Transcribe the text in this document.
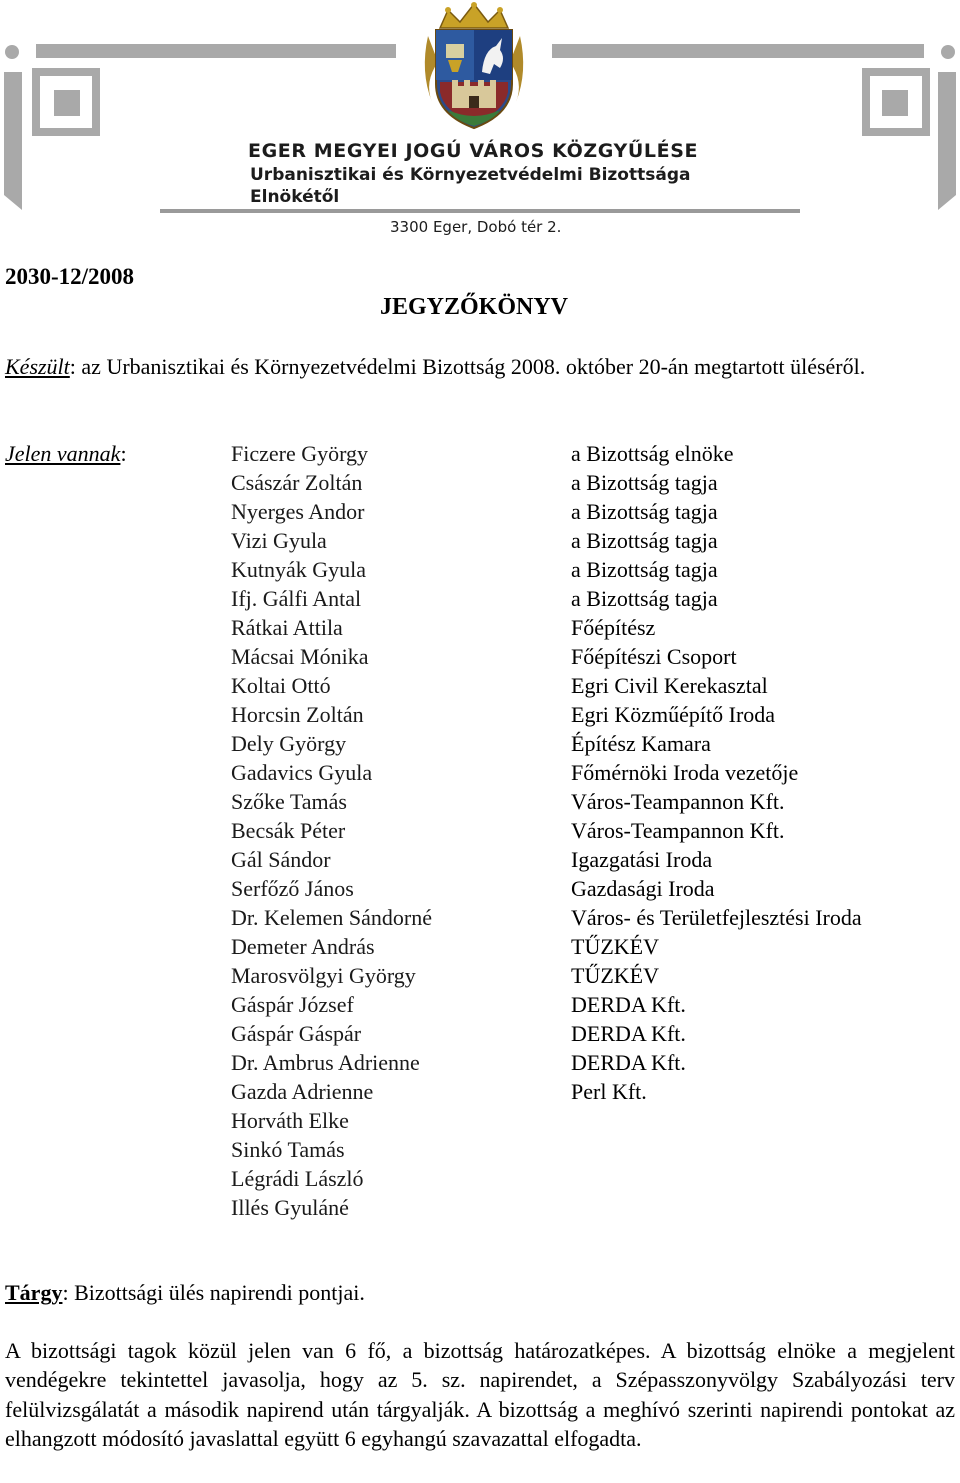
EGER MEGYEI JOGÚ VÁROS KÖZGYŰLÉSE
Urbanisztikai és Környezetvédelmi Bizottsága
Elnökétől
3300 Eger, Dobó tér 2.
2030-12/2008
JEGYZŐKÖNYV
Készült: az Urbanisztikai és Környezetvédelmi Bizottság 2008. október 20-án megtartott üléséről.
Jelen vannak:	Ficzere György
Császár Zoltán
Nyerges Andor
Vizi Gyula
Kutnyák Gyula
Ifj. Gálfi Antal
Rátkai Attila
Mácsai Mónika
Koltai Ottó
Horcsin Zoltán
Dely György
Gadavics Gyula
Szőke Tamás
Becsák Péter
Gál Sándor
Serfőző János
Dr. Kelemen Sándorné
Demeter András
Marosvölgyi György
Gáspár József
Gáspár Gáspár
Dr. Ambrus Adrienne
Gazda Adrienne
Horváth Elke
Sinkó Tamás
Légrádi László
Illés Gyuláné
a Bizottság elnöke
a Bizottság tagja
a Bizottság tagja
a Bizottság tagja
a Bizottság tagja
a Bizottság tagja
Főépítész
Főépítészi Csoport
Egri Civil Kerekasztal
Egri Közműépítő Iroda
Építész Kamara
Főmérnöki Iroda vezetője
Város-Teampannon Kft.
Város-Teampannon Kft.
Igazgatási Iroda
Gazdasági Iroda
Város- és Területfejlesztési Iroda
TŰZKÉV
TŰZKÉV
DERDA Kft.
DERDA Kft.
DERDA Kft.
Perl Kft.
Tárgy: Bizottsági ülés napirendi pontjai.
A bizottsági tagok közül jelen van 6 fő, a bizottság határozatképes. A bizottság elnöke a megjelent vendégekre tekintettel javasolja, hogy az 5. sz. napirendet, a Szépasszonyvölgy Szabályozási terv felülvizsgálatát a második napirend után tárgyalják. A bizottság a meghívó szerinti napirendi pontokat az elhangzott módosító javaslattal együtt 6 egyhangú szavazattal elfogadta.
